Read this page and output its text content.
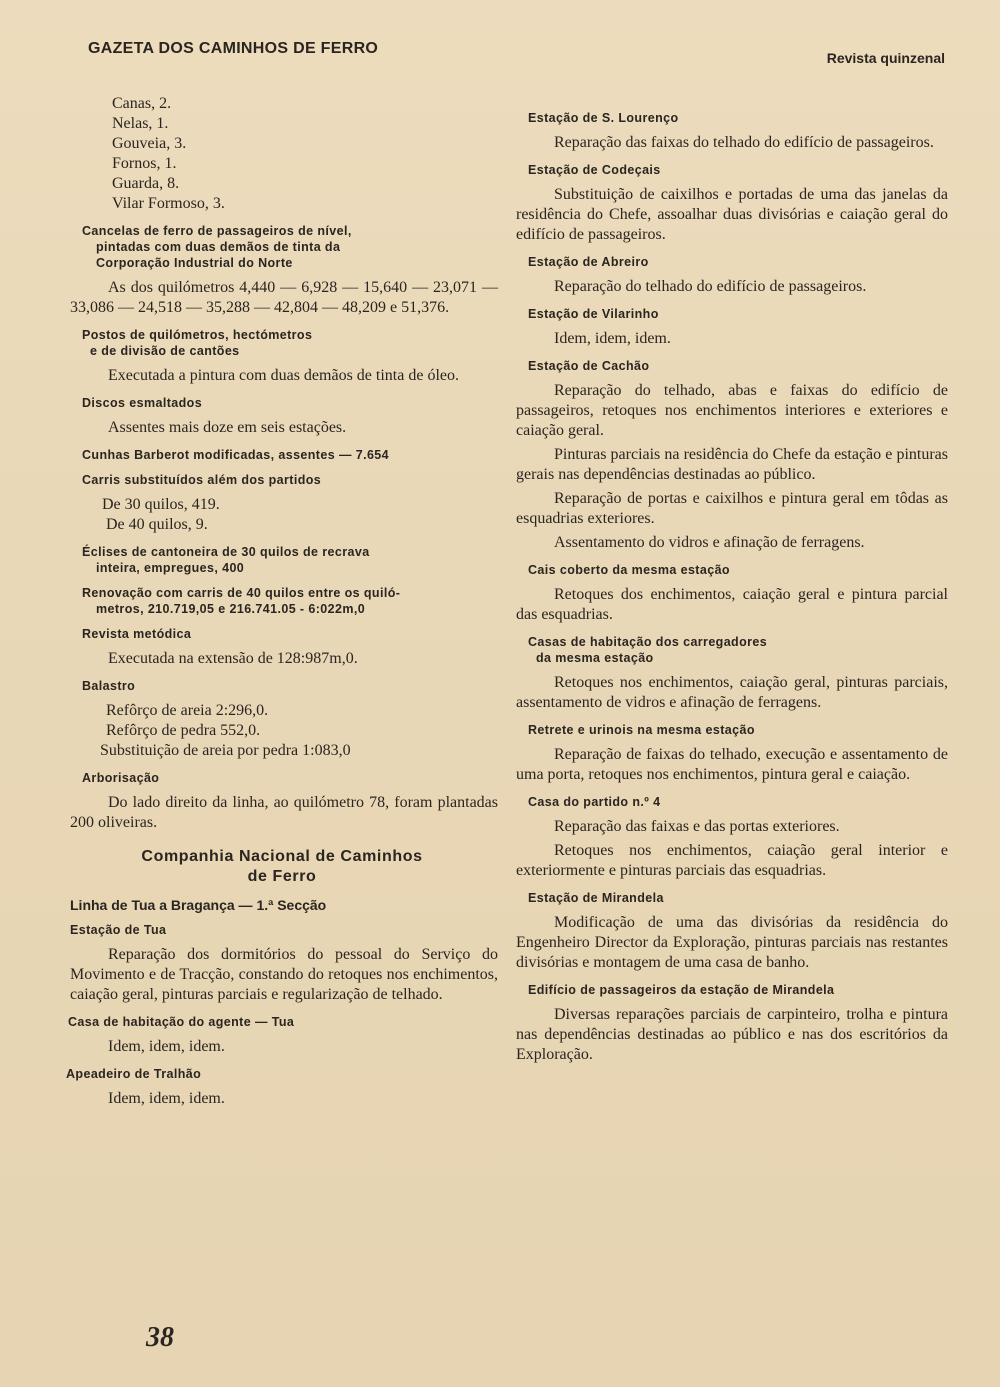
GAZETA DOS CAMINHOS DE FERRO
Revista quinzenal
Canas, 2.
Nelas, 1.
Gouveia, 3.
Fornos, 1.
Guarda, 8.
Vilar Formoso, 3.
Cancelas de ferro de passageiros de nível,
pintadas com duas demãos de tinta da
Corporação Industrial do Norte
As dos quilómetros 4,440 — 6,928 — 15,640 — 23,071 — 33,086 — 24,518 — 35,288 — 42,804 — 48,209 e 51,376.
Postos de quilómetros, hectómetros
e de divisão de cantões
Executada a pintura com duas demãos de tinta de óleo.
Discos esmaltados
Assentes mais doze em seis estações.
Cunhas Barberot modificadas, assentes — 7.654
Carris substituídos além dos partidos
De 30 quilos, 419.
De 40 quilos, 9.
Éclises de cantoneira de 30 quilos de recrava
inteira, empregues, 400
Renovação com carris de 40 quilos entre os quiló-
metros, 210.719,05 e 216.741.05 - 6:022m,0
Revista metódica
Executada na extensão de 128:987m,0.
Balastro
Refôrço de areia 2:296,0.
Refôrço de pedra 552,0.
Substituição de areia por pedra 1:083,0
Arborisação
Do lado direito da linha, ao quilómetro 78, foram plantadas 200 oliveiras.
Companhia Nacional de Caminhos
de Ferro
Linha de Tua a Bragança — 1.ª Secção
Estação de Tua
Reparação dos dormitórios do pessoal do Serviço do Movimento e de Tracção, constando do retoques nos enchimentos, caiação geral, pinturas parciais e regularização de telhado.
Casa de habitação do agente — Tua
Idem, idem, idem.
Apeadeiro de Tralhão
Idem, idem, idem.
Estação de S. Lourenço
Reparação das faixas do telhado do edifício de passageiros.
Estação de Codeçais
Substituição de caixilhos e portadas de uma das janelas da residência do Chefe, assoalhar duas divisórias e caiação geral do edifício de passageiros.
Estação de Abreiro
Reparação do telhado do edifício de passageiros.
Estação de Vilarinho
Idem, idem, idem.
Estação de Cachão
Reparação do telhado, abas e faixas do edifício de passageiros, retoques nos enchimentos interiores e exteriores e caiação geral.
Pinturas parciais na residência do Chefe da estação e pinturas gerais nas dependências destinadas ao público.
Reparação de portas e caixilhos e pintura geral em tôdas as esquadrias exteriores.
Assentamento do vidros e afinação de ferragens.
Cais coberto da mesma estação
Retoques dos enchimentos, caiação geral e pintura parcial das esquadrias.
Casas de habitação dos carregadores
da mesma estação
Retoques nos enchimentos, caiação geral, pinturas parciais, assentamento de vidros e afinação de ferragens.
Retrete e urinois na mesma estação
Reparação de faixas do telhado, execução e assentamento de uma porta, retoques nos enchimentos, pintura geral e caiação.
Casa do partido n.º 4
Reparação das faixas e das portas exteriores.
Retoques nos enchimentos, caiação geral interior e exteriormente e pinturas parciais das esquadrias.
Estação de Mirandela
Modificação de uma das divisórias da residência do Engenheiro Director da Exploração, pinturas parciais nas restantes divisórias e montagem de uma casa de banho.
Edifício de passageiros da estação de Mirandela
Diversas reparações parciais de carpinteiro, trolha e pintura nas dependências destinadas ao público e nas dos escritórios da Exploração.
38
